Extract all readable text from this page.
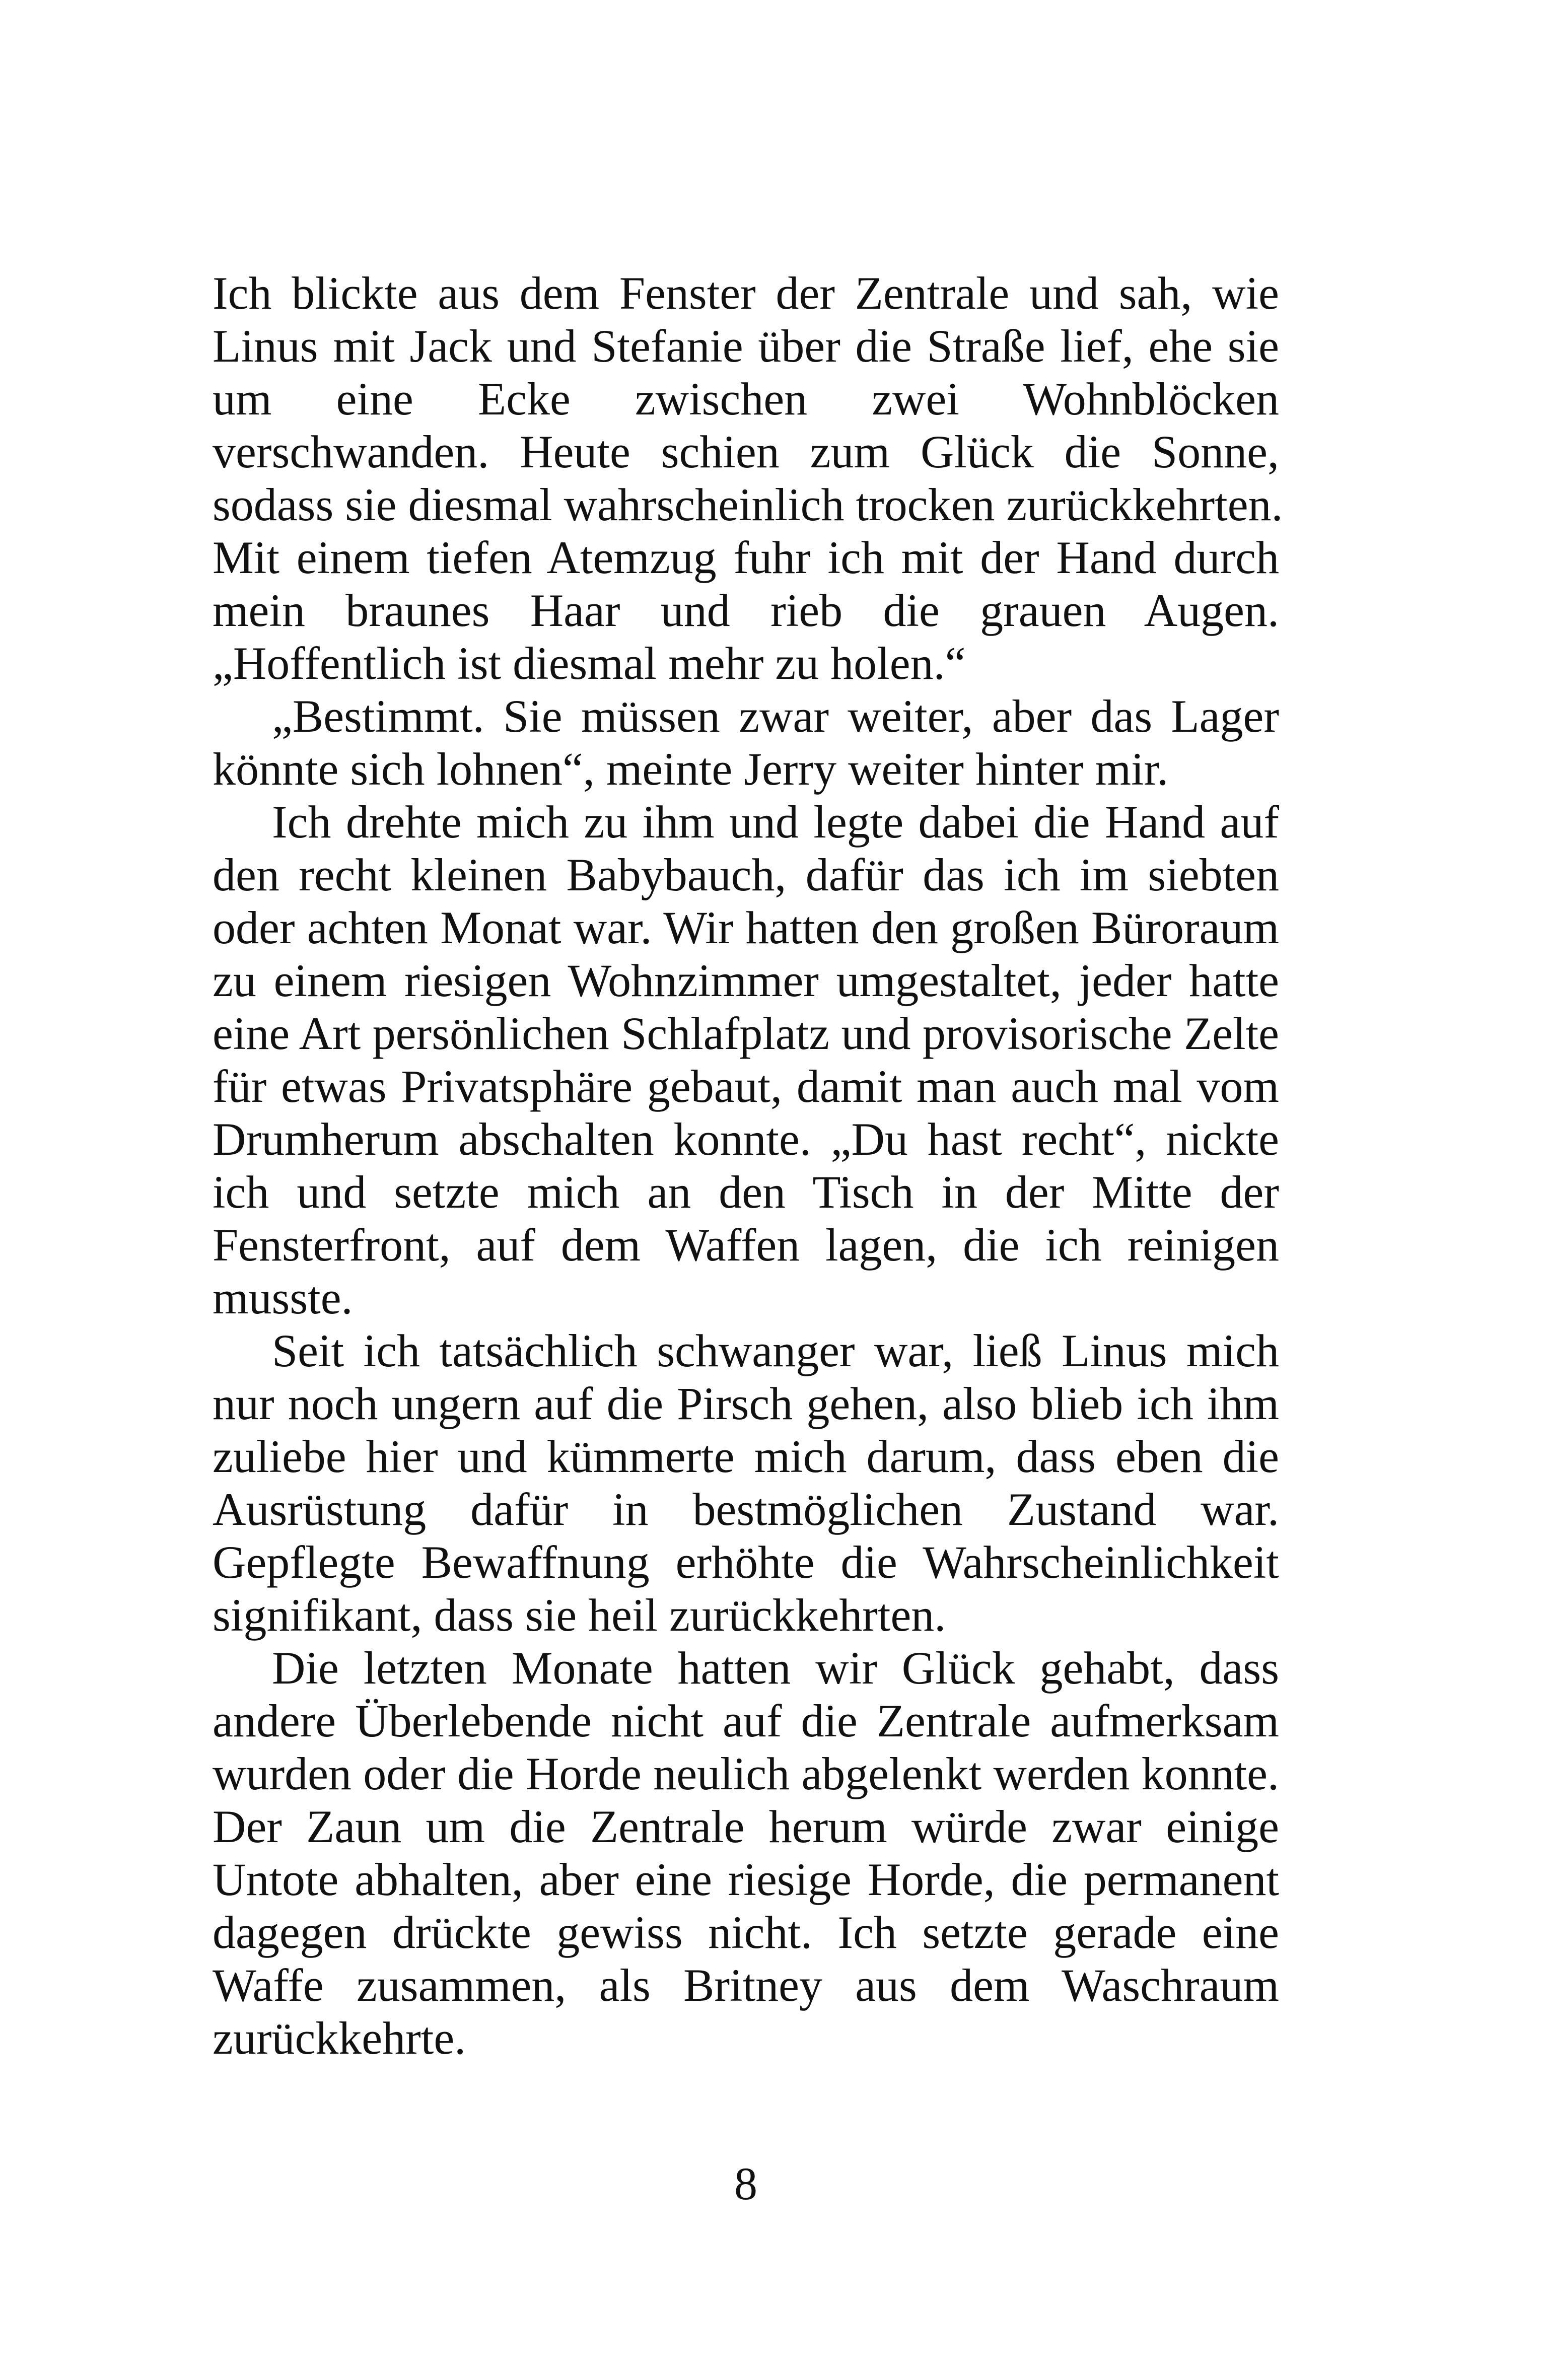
Ich blickte aus dem Fenster der Zentrale und sah, wie
Linus mit Jack und Stefanie über die Straße lief, ehe sie
um eine Ecke zwischen zwei Wohnblöcken
verschwanden. Heute schien zum Glück die Sonne,
sodass sie diesmal wahrscheinlich trocken zurückkehrten.
Mit einem tiefen Atemzug fuhr ich mit der Hand durch
mein braunes Haar und rieb die grauen Augen.
„Hoffentlich ist diesmal mehr zu holen.“
„Bestimmt. Sie müssen zwar weiter, aber das Lager
könnte sich lohnen“, meinte Jerry weiter hinter mir.
Ich drehte mich zu ihm und legte dabei die Hand auf
den recht kleinen Babybauch, dafür das ich im siebten
oder achten Monat war. Wir hatten den großen Büroraum
zu einem riesigen Wohnzimmer umgestaltet, jeder hatte
eine Art persönlichen Schlafplatz und provisorische Zelte
für etwas Privatsphäre gebaut, damit man auch mal vom
Drumherum abschalten konnte. „Du hast recht“, nickte
ich und setzte mich an den Tisch in der Mitte der
Fensterfront, auf dem Waffen lagen, die ich reinigen
musste.
Seit ich tatsächlich schwanger war, ließ Linus mich
nur noch ungern auf die Pirsch gehen, also blieb ich ihm
zuliebe hier und kümmerte mich darum, dass eben die
Ausrüstung dafür in bestmöglichen Zustand war.
Gepflegte Bewaffnung erhöhte die Wahrscheinlichkeit
signifikant, dass sie heil zurückkehrten.
Die letzten Monate hatten wir Glück gehabt, dass
andere Überlebende nicht auf die Zentrale aufmerksam
wurden oder die Horde neulich abgelenkt werden konnte.
Der Zaun um die Zentrale herum würde zwar einige
Untote abhalten, aber eine riesige Horde, die permanent
dagegen drückte gewiss nicht. Ich setzte gerade eine
Waffe zusammen, als Britney aus dem Waschraum
zurückkehrte.
8
